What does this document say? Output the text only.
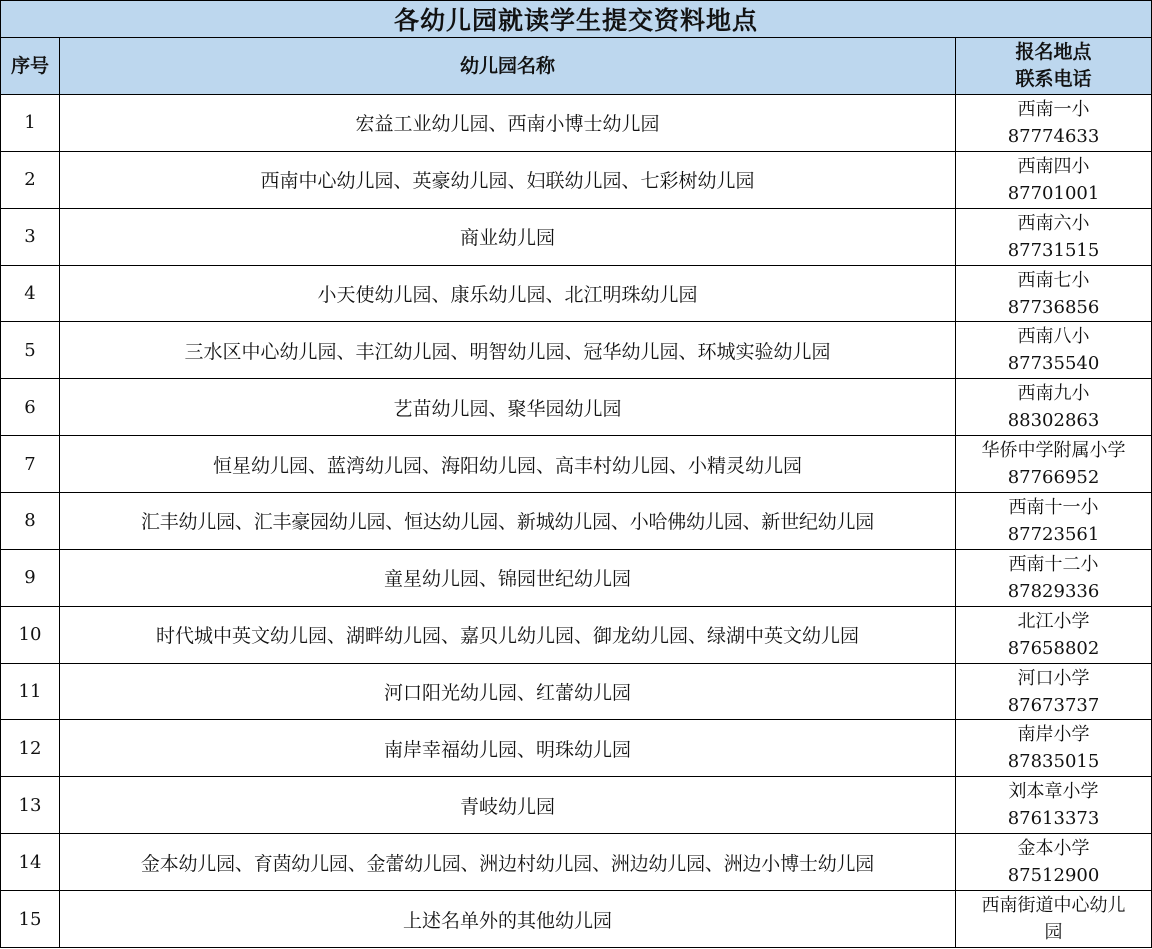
各幼儿园就读学生提交资料地点		
序号	幼儿园名称	报名地点
联系电话

1	宏益工业幼儿园、西南小博士幼儿园	西南一小
87774633

2	西南中心幼儿园、英豪幼儿园、妇联幼儿园、七彩树幼儿园	西南四小
87701001

3	商业幼儿园	西南六小
87731515

4	小天使幼儿园、康乐幼儿园、北江明珠幼儿园	西南七小
87736856

5	三水区中心幼儿园、丰江幼儿园、明智幼儿园、冠华幼儿园、环城实验幼儿园	西南八小
87735540

6	艺苗幼儿园、聚华园幼儿园	西南九小
88302863

7	恒星幼儿园、蓝湾幼儿园、海阳幼儿园、高丰村幼儿园、小精灵幼儿园	华侨中学附属小学
87766952

8	汇丰幼儿园、汇丰豪园幼儿园、恒达幼儿园、新城幼儿园、小哈佛幼儿园、新世纪幼儿园	西南十一小
87723561

9	童星幼儿园、锦园世纪幼儿园	西南十二小
87829336

10	时代城中英文幼儿园、湖畔幼儿园、嘉贝儿幼儿园、御龙幼儿园、绿湖中英文幼儿园	北江小学
87658802

11	河口阳光幼儿园、红蕾幼儿园	河口小学
87673737

12	南岸幸福幼儿园、明珠幼儿园	南岸小学
87835015

13	青岐幼儿园	刘本章小学
87613373

14	金本幼儿园、育茵幼儿园、金蕾幼儿园、洲边村幼儿园、洲边幼儿园、洲边小博士幼儿园	金本小学
87512900

15	上述名单外的其他幼儿园	西南街道中心幼儿
园
